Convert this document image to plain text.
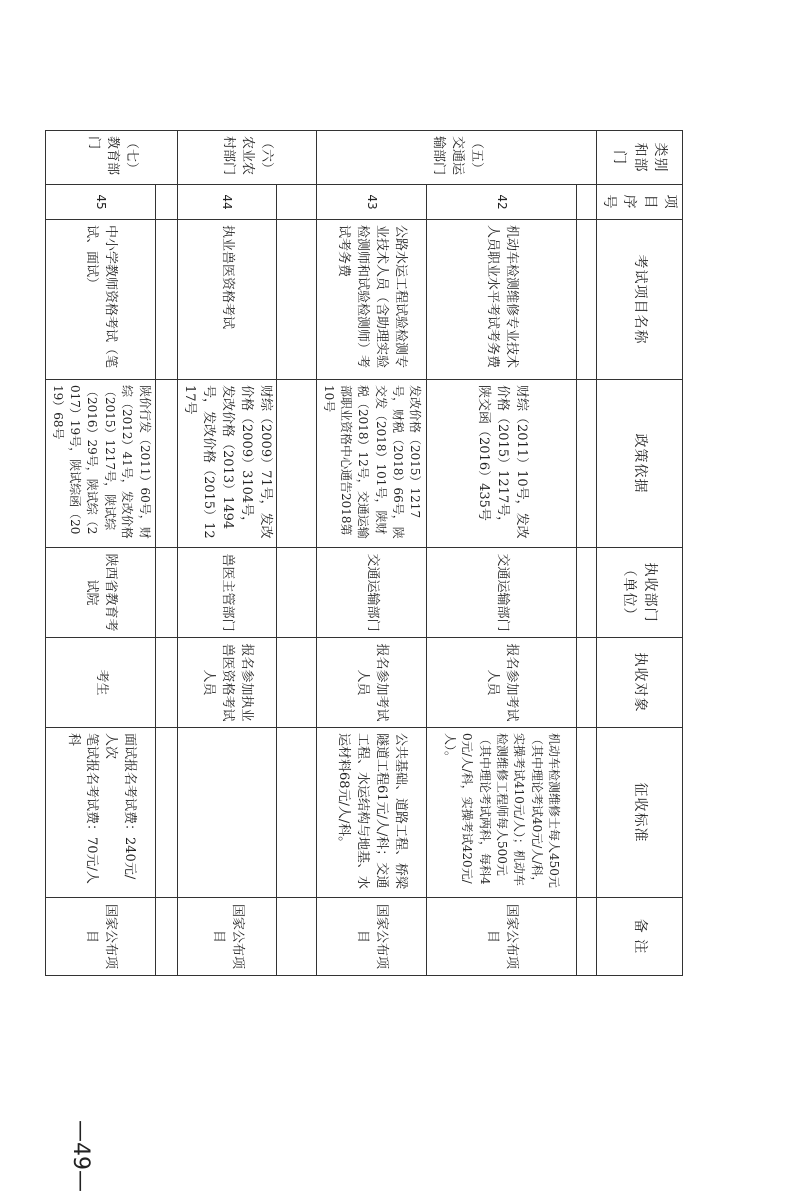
类别和部门	项目序号	考试项目名称	政策依据	执收部门（单位）	执收对象	征收标准	备 注
（五）交通运输部门							
	42	机动车检测维修专业技术人员职业水平考试考务费	财综（2011）10号，发改价格（2015）1217号，陕交函（2016）435号	交通运输部门	报名参加考试人员	机动车检测维修士每人450元（其中理论考试40元/人/科，实操考试410元/人）；机动车检测维修工程师每人500元（其中理论考试两科，每科40元/人/科，实操考试420元/人）。	国家公布项目
	43	公路水运工程试验检测专业技术人员（含助理实验检测师和试验检测师）考试考务费	发改价格（2015）1217号，财税（2018）66号，陕交发（2018）101号，陕财税（2018）12号，交通运输部职业资格中心通告2018第10号	交通运输部门	报名参加考试人员	公共基础、道路工程、桥梁隧道工程61元/人/科；交通工程、水运结构与地基、水运材料68元/人/科。	国家公布项目
（六）农业农村部门							
	44	执业兽医资格考试	财综（2009）71号，发改价格（2009）3104号，发改价格（2013）1494号，发改价格（2015）1217号	兽医主管部门	报名参加执业兽医资格考试人员		国家公布项目
（七）教育部门							
	45	中小学教师资格考试（笔试、面试）	陕价行发（2011）60号，财综（2012）41号，发改价格（2015）1217号，陕试综（2016）29号，陕试综（2017）19号，陕试综函（2019）68号	陕西省教育考试院	考生	面试报名考试费：240元/人次
笔试报名考试费：70元/人科	国家公布项目
—49—
